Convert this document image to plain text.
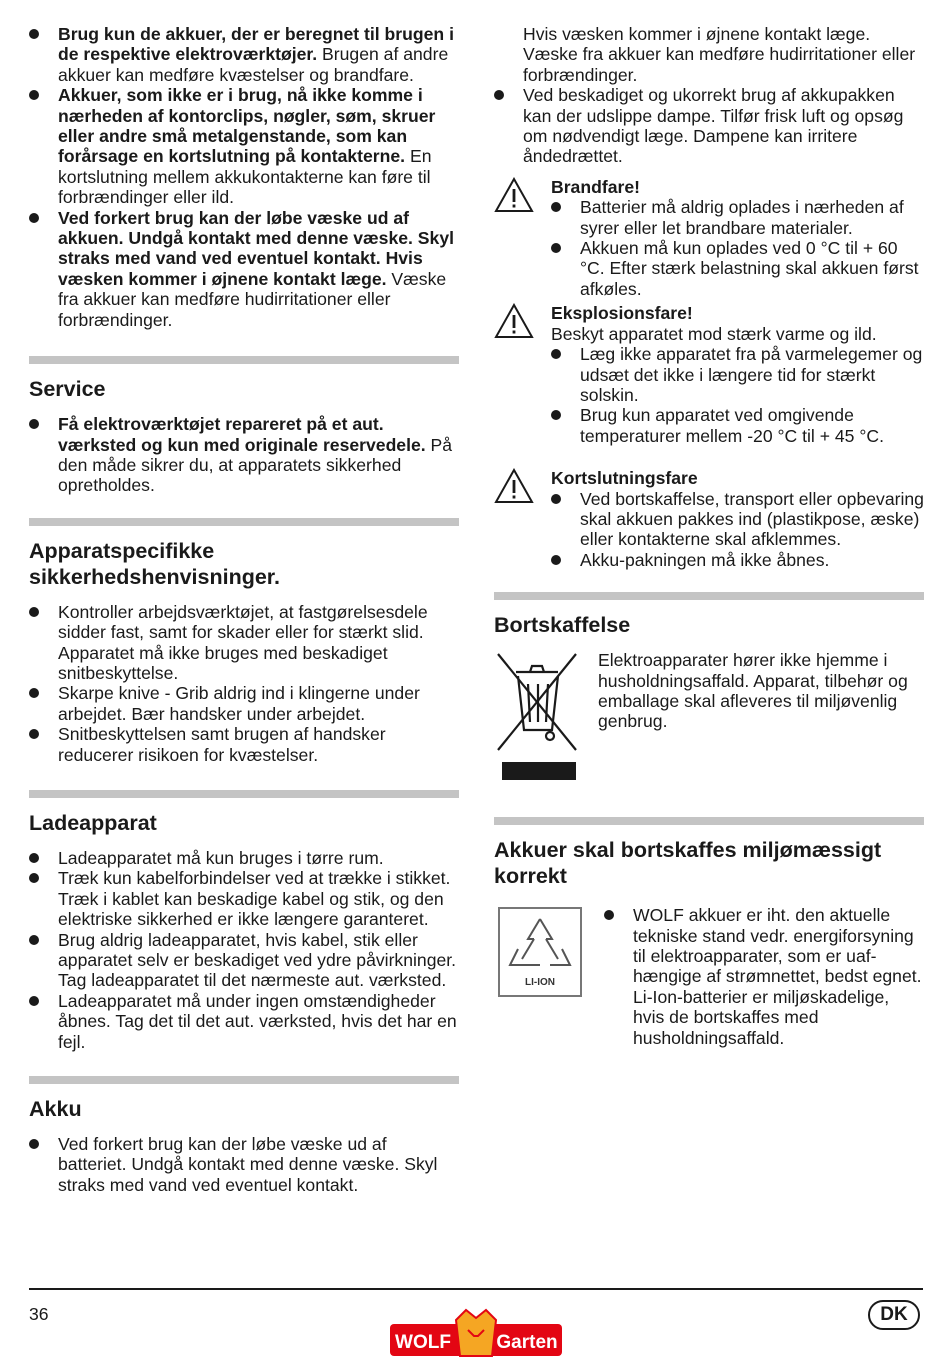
Brug kun de akkuer, der er beregnet til brugen i de respektive elektroværktøjer. Brugen af andre akkuer kan medføre kvæstelser og brandfare.
Akkuer, som ikke er i brug, nå ikke komme i nærheden af kontorclips, nøgler, søm, skruer eller andre små metalgenstande, som kan forårsage en kortslutning på kontakterne. En kortslutning mellem akkukontakterne kan føre til forbrændinger eller ild.
Ved forkert brug kan der løbe væske ud af akkuen. Undgå kontakt med denne væske. Skyl straks med vand ved eventuel kontakt. Hvis væsken kommer i øjnene kontakt læge. Væske fra akkuer kan medføre hudirritationer eller forbrændinger.
Service
Få elektroværktøjet repareret på et aut. værksted og kun med originale reservedele. På den måde sikrer du, at apparatets sikkerhed opretholdes.
Apparatspecifikke sikkerhedshenvisninger.
Kontroller arbejdsværktøjet, at fastgørelsesdele sidder fast, samt for skader eller for stærkt slid. Apparatet må ikke bruges med beskadiget snitbeskyttelse.
Skarpe knive - Grib aldrig ind i klingerne under arbejdet. Bær handsker under arbejdet.
Snitbeskyttelsen samt brugen af handsker reducerer risikoen for kvæstelser.
Ladeapparat
Ladeapparatet må kun bruges i tørre rum.
Træk kun kabelforbindelser ved at trække i stikket. Træk i kablet kan beskadige kabel og stik, og den elektriske sikkerhed er ikke længere garanteret.
Brug aldrig ladeapparatet, hvis kabel, stik eller apparatet selv er beskadiget ved ydre påvirkninger. Tag ladeapparatet til det nærmeste aut. værksted.
Ladeapparatet må under ingen omstændigheder åbnes. Tag det til det aut. værksted, hvis det har en fejl.
Akku
Ved forkert brug kan der løbe væske ud af batteriet. Undgå kontakt med denne væske. Skyl straks med vand ved eventuel kontakt.

Hvis væsken kommer i øjnene kontakt læge. Væske fra akkuer kan medføre hudirritationer eller forbrændinger.

Ved beskadiget og ukorrekt brug af akkupakken kan der udslippe dampe. Tilfør frisk luft og opsøg om nødvendigt læge. Dampene kan irritere åndedrættet.
Brandfare!
Batterier må aldrig oplades i nærheden af syrer eller let brandbare materialer.
Akkuen må kun oplades ved 0 °C til + 60 °C. Efter stærk belastning skal akkuen først afkøles.
Eksplosionsfare!

Beskyt apparatet mod stærk varme og ild.

Læg ikke apparatet fra på varmelegemer og udsæt det ikke i længere tid for stærkt solskin.
Brug kun apparatet ved omgivende temperaturer mellem -20 °C til + 45 °C.
Kortslutningsfare
Ved bortskaffelse, transport eller opbevaring skal akkuen pakkes ind (plastikpose, æske) eller kontakterne skal afklemmes.
Akku-pakningen må ikke åbnes.
Bortskaffelse

Elektroapparater hører ikke hjemme i husholdningsaffald. Apparat, tilbehør og emballage skal afleveres til miljøvenlig genbrug.

Akkuer skal bortskaffes miljømæssigt korrekt
LI-ION
WOLF akkuer er iht. den aktuelle tekniske stand vedr. energiforsyning til elektroapparater, som er uafhængige af strømnettet, bedst egnet. Li-Ion-batterier er miljøskadelige, hvis de bortskaffes med husholdningsaffald.
36	DK
WOLF Garten
